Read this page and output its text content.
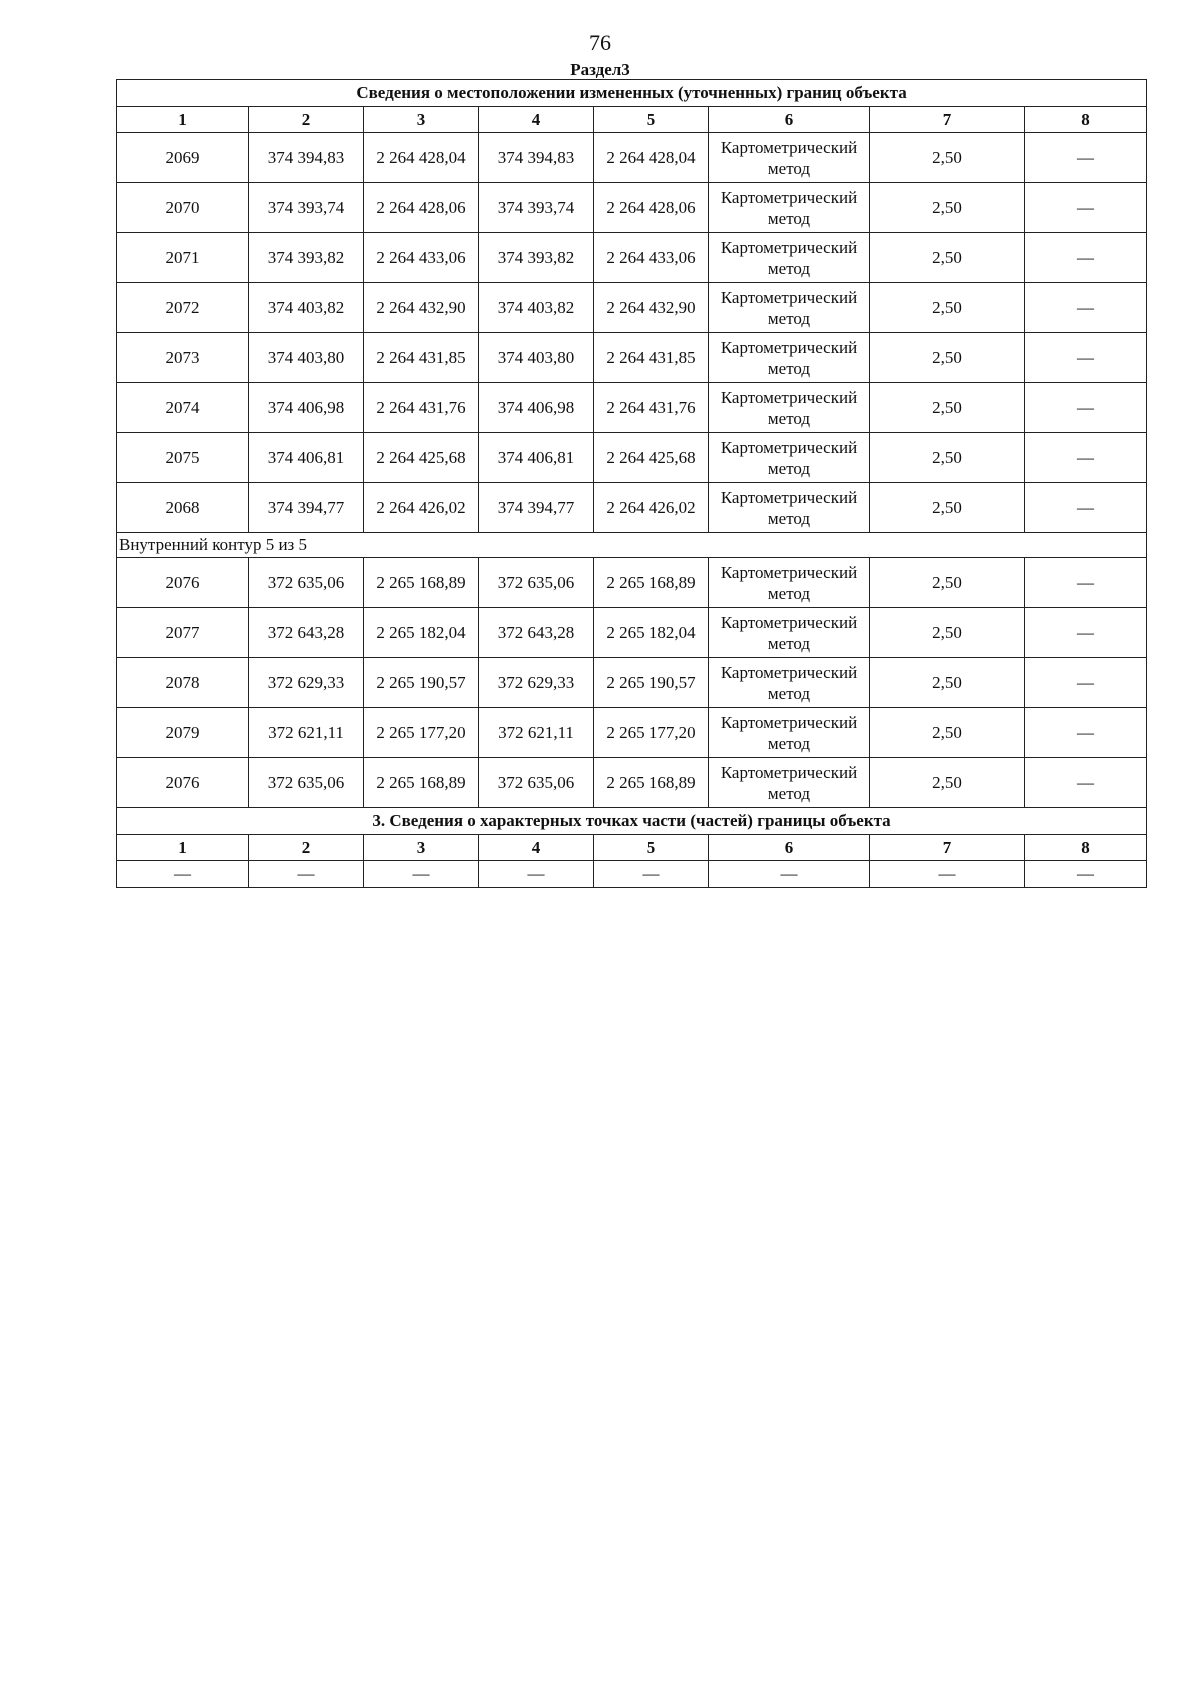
76
Раздел3
Сведения о местоположении измененных (уточненных) границ объекта							
1	2	3	4	5	6	7	8
2069	374 394,83	2 264 428,04	374 394,83	2 264 428,04	Картометрический метод	2,50	—
2070	374 393,74	2 264 428,06	374 393,74	2 264 428,06	Картометрический метод	2,50	—
2071	374 393,82	2 264 433,06	374 393,82	2 264 433,06	Картометрический метод	2,50	—
2072	374 403,82	2 264 432,90	374 403,82	2 264 432,90	Картометрический метод	2,50	—
2073	374 403,80	2 264 431,85	374 403,80	2 264 431,85	Картометрический метод	2,50	—
2074	374 406,98	2 264 431,76	374 406,98	2 264 431,76	Картометрический метод	2,50	—
2075	374 406,81	2 264 425,68	374 406,81	2 264 425,68	Картометрический метод	2,50	—
2068	374 394,77	2 264 426,02	374 394,77	2 264 426,02	Картометрический метод	2,50	—
Внутренний контур 5 из 5							
2076	372 635,06	2 265 168,89	372 635,06	2 265 168,89	Картометрический метод	2,50	—
2077	372 643,28	2 265 182,04	372 643,28	2 265 182,04	Картометрический метод	2,50	—
2078	372 629,33	2 265 190,57	372 629,33	2 265 190,57	Картометрический метод	2,50	—
2079	372 621,11	2 265 177,20	372 621,11	2 265 177,20	Картометрический метод	2,50	—
2076	372 635,06	2 265 168,89	372 635,06	2 265 168,89	Картометрический метод	2,50	—
3. Сведения о характерных точках части (частей) границы объекта							
1	2	3	4	5	6	7	8
—	—	—	—	—	—	—	—
